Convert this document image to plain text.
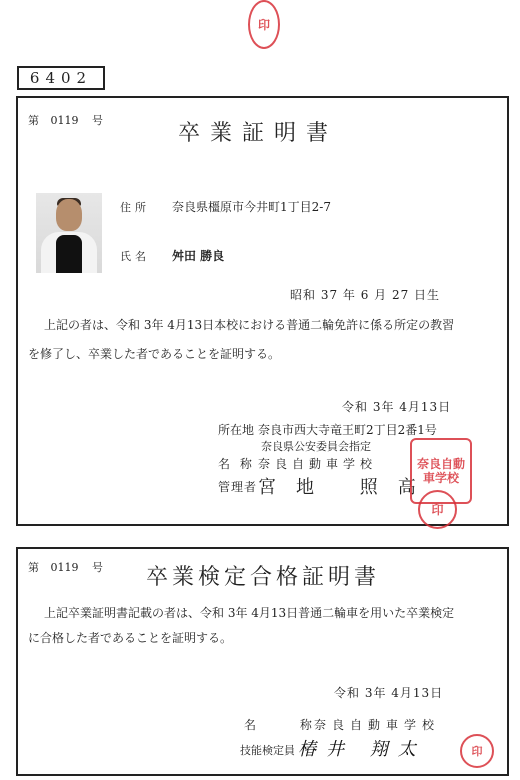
印
6402
第 0119 号
卒業証明書
住所 奈良県橿原市今井町1丁目2-7
氏名 舛田 勝良
昭和 37 年 6 月 27 日生
上記の者は、令和 3年 4月13日本校における普通二輪免許に係る所定の教習
を修了し、卒業した者であることを証明する。
令和 3年 4月13日
所在地 奈良市西大寺竜王町2丁目2番1号
奈良県公安委員会指定
名 称 奈良自動車学校
管理者 宮地 照高
奈良自動車学校
印
第 0119 号 卒業検定合格証明書
上記卒業証明書記載の者は、令和 3年 4月13日普通二輪車を用いた卒業検定
に合格した者であることを証明する。
令和 3年 4月13日
名 称
奈良自動車学校
技能検定員 椿井 翔太	印
